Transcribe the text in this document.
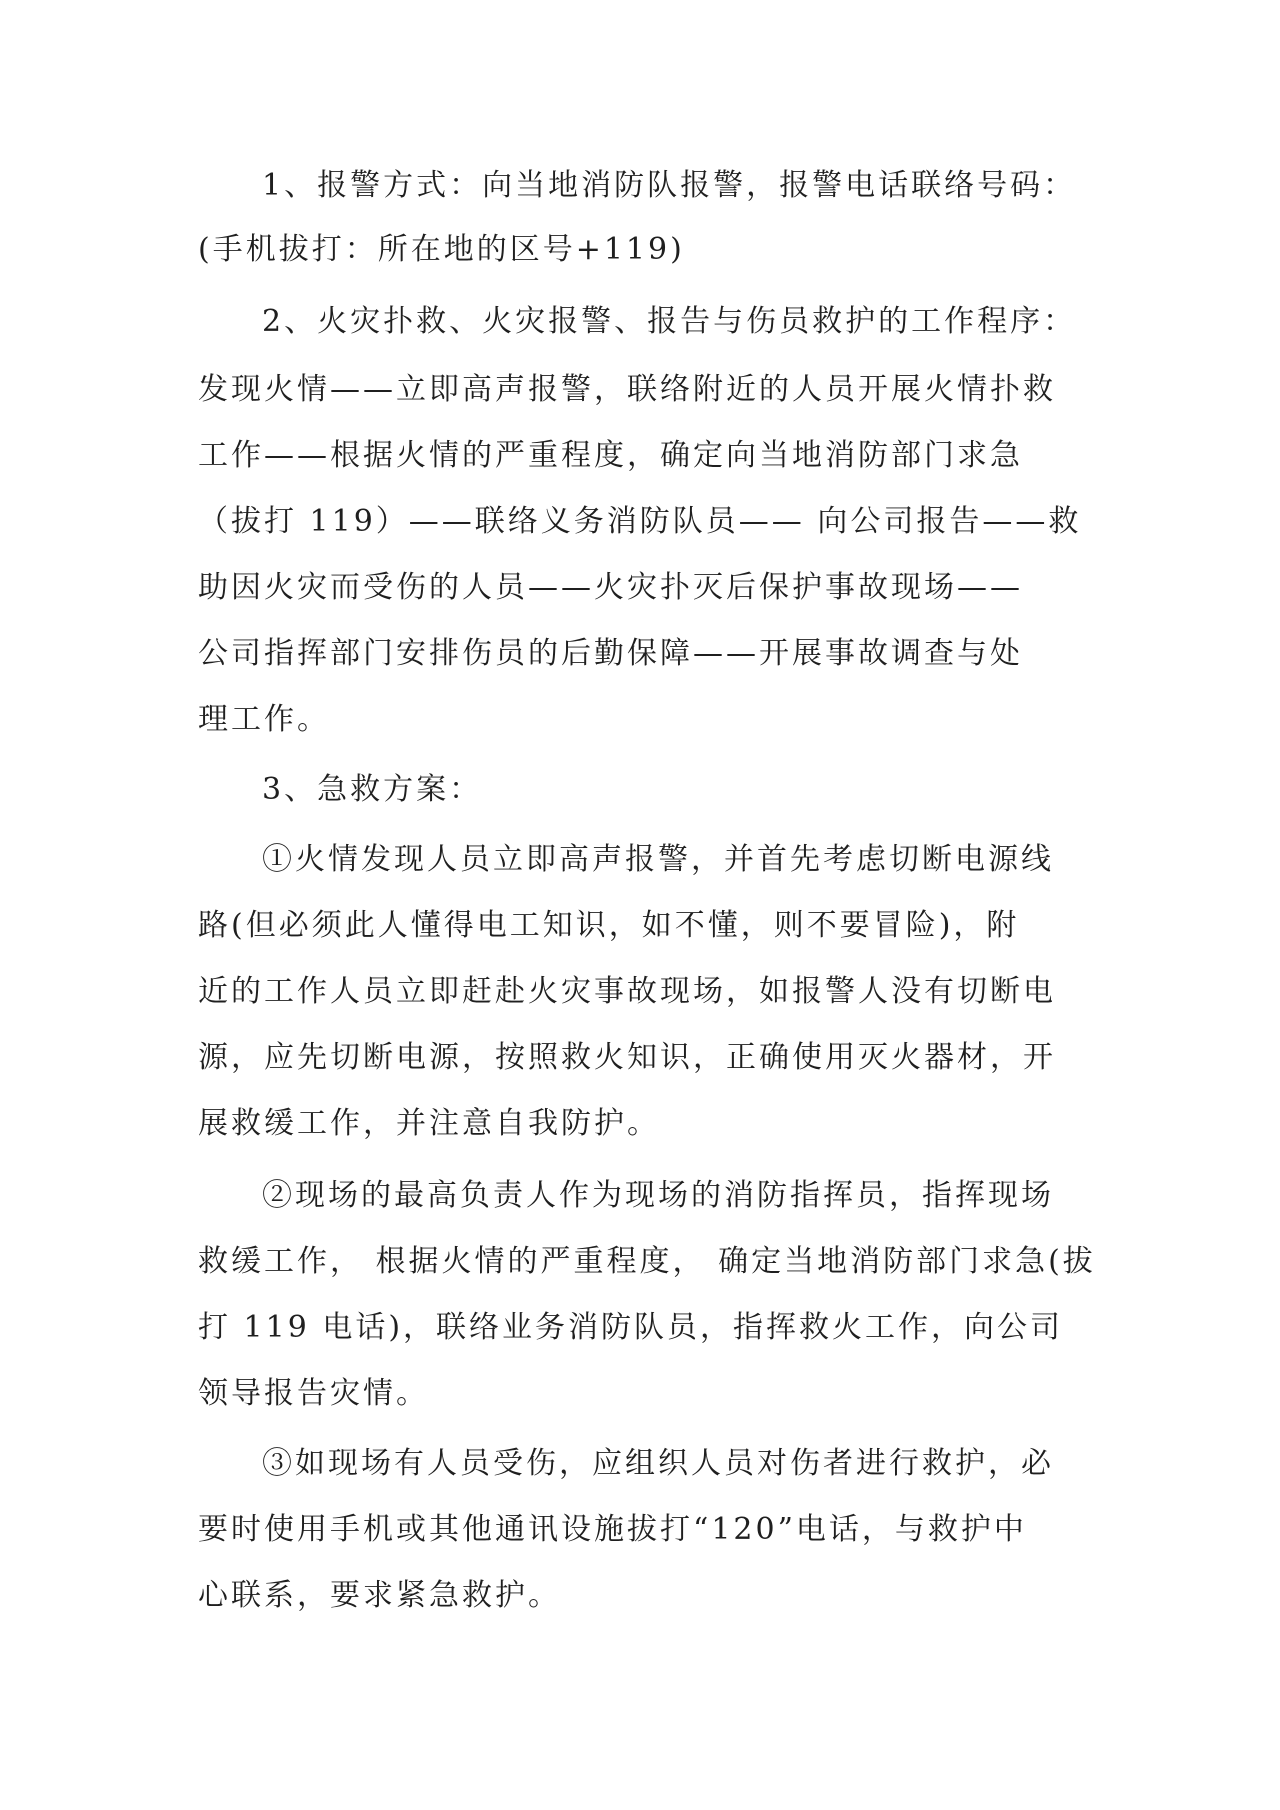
1、报警方式：向当地消防队报警，报警电话联络号码：
(手机拔打：所在地的区号+119)
2、火灾扑救、火灾报警、报告与伤员救护的工作程序：
发现火情——立即高声报警，联络附近的人员开展火情扑救
工作——根据火情的严重程度，确定向当地消防部门求急
（拔打 119）——联络义务消防队员—— 向公司报告——救
助因火灾而受伤的人员——火灾扑灭后保护事故现场——
公司指挥部门安排伤员的后勤保障——开展事故调查与处
理工作。
3、急救方案：
①火情发现人员立即高声报警，并首先考虑切断电源线
路(但必须此人懂得电工知识，如不懂，则不要冒险)，附
近的工作人员立即赶赴火灾事故现场，如报警人没有切断电
源，应先切断电源，按照救火知识，正确使用灭火器材，开
展救缓工作，并注意自我防护。
②现场的最高负责人作为现场的消防指挥员，指挥现场
救缓工作， 根据火情的严重程度， 确定当地消防部门求急(拔
打 119 电话)，联络业务消防队员，指挥救火工作，向公司
领导报告灾情。
③如现场有人员受伤，应组织人员对伤者进行救护，必
要时使用手机或其他通讯设施拔打“120”电话，与救护中
心联系，要求紧急救护。
